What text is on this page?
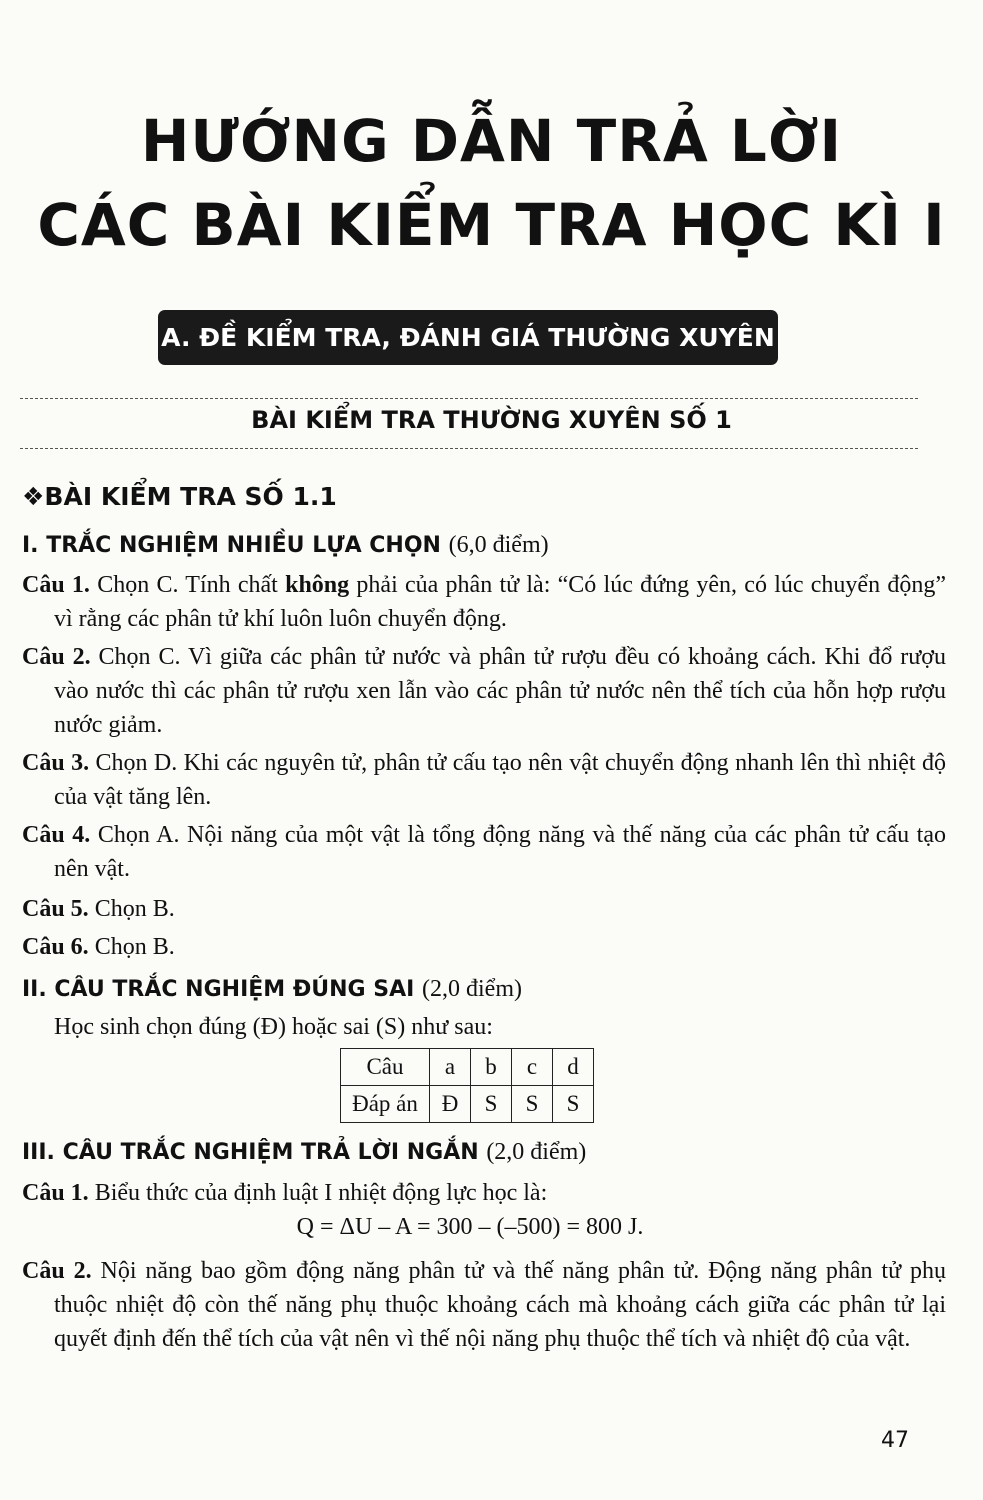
HƯỚNG DẪN TRẢ LỜI
CÁC BÀI KIỂM TRA HỌC KÌ I
A. ĐỀ KIỂM TRA, ĐÁNH GIÁ THƯỜNG XUYÊN
BÀI KIỂM TRA THƯỜNG XUYÊN SỐ 1
❖BÀI KIỂM TRA SỐ 1.1
I. TRẮC NGHIỆM NHIỀU LỰA CHỌN (6,0 điểm)

Câu 1. Chọn C. Tính chất không phải của phân tử là: “Có lúc đứng yên, có lúc chuyển động” vì rằng các phân tử khí luôn luôn chuyển động.

Câu 2. Chọn C. Vì giữa các phân tử nước và phân tử rượu đều có khoảng cách. Khi đổ rượu vào nước thì các phân tử rượu xen lẫn vào các phân tử nước nên thể tích của hỗn hợp rượu nước giảm.

Câu 3. Chọn D. Khi các nguyên tử, phân tử cấu tạo nên vật chuyển động nhanh lên thì nhiệt độ của vật tăng lên.

Câu 4. Chọn A. Nội năng của một vật là tổng động năng và thế năng của các phân tử cấu tạo nên vật.

Câu 5. Chọn B.

Câu 6. Chọn B.

II. CÂU TRẮC NGHIỆM ĐÚNG SAI (2,0 điểm)
Học sinh chọn đúng (Đ) hoặc sai (S) như sau:
Câu	a	b	c	d
Đáp án	Đ	S	S	S
III. CÂU TRẮC NGHIỆM TRẢ LỜI NGẮN (2,0 điểm)

Câu 1. Biểu thức của định luật I nhiệt động lực học là:

Q = ΔU – A = 300 – (–500) = 800 J.

Câu 2. Nội năng bao gồm động năng phân tử và thế năng phân tử. Động năng phân tử phụ thuộc nhiệt độ còn thế năng phụ thuộc khoảng cách mà khoảng cách giữa các phân tử lại quyết định đến thể tích của vật nên vì thế nội năng phụ thuộc thể tích và nhiệt độ của vật.

47
